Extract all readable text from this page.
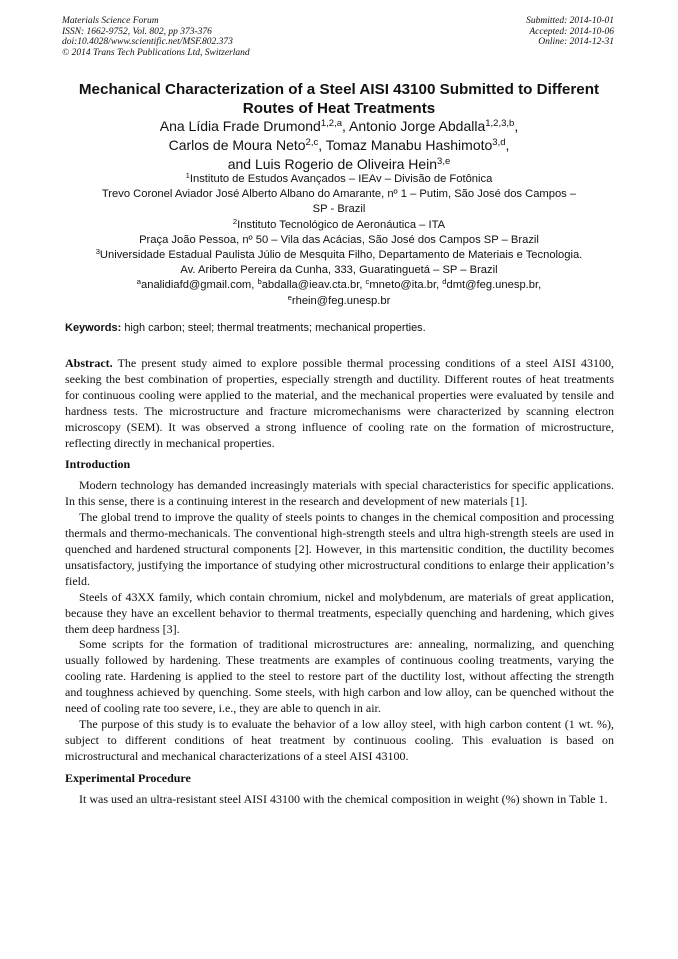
Materials Science Forum
ISSN: 1662-9752, Vol. 802, pp 373-376
doi:10.4028/www.scientific.net/MSF.802.373
© 2014 Trans Tech Publications Ltd, Switzerland
Submitted: 2014-10-01
Accepted: 2014-10-06
Online: 2014-12-31
Mechanical Characterization of a Steel AISI 43100 Submitted to Different
Routes of Heat Treatments
Ana Lídia Frade Drumond$^{1,2,a}$, Antonio Jorge Abdalla$^{1,2,3,b}$,
Carlos de Moura Neto$^{2,c}$, Tomaz Manabu Hashimoto$^{3,d}$,
and Luis Rogerio de Oliveira Hein$^{3,e}$
$^1$Instituto de Estudos Avançados – IEAv – Divisão de Fotônica
Trevo Coronel Aviador José Alberto Albano do Amarante, nº 1 – Putim, São José dos Campos –
SP - Brazil
$^2$Instituto Tecnológico de Aeronáutica – ITA
Praça João Pessoa, nº 50 – Vila das Acácias, São José dos Campos SP – Brazil
$^3$Universidade Estadual Paulista Júlio de Mesquita Filho, Departamento de Materiais e Tecnologia.
Av. Ariberto Pereira da Cunha, 333, Guaratinguetá – SP – Brazil
$^a$analidiafd@gmail.com, $^b$abdalla@ieav.cta.br, $^c$mneto@ita.br, $^d$dmt@feg.unesp.br,
$^e$rhein@feg.unesp.br
Keywords: high carbon; steel; thermal treatments; mechanical properties.

Abstract. The present study aimed to explore possible thermal processing conditions of a steel AISI 43100, seeking the best combination of properties, especially strength and ductility. Different routes of heat treatments for continuous cooling were applied to the material, and the mechanical properties were evaluated by tensile and hardness tests. The microstructure and fracture micromechanisms were characterized by scanning electron microscopy (SEM). It was observed a strong influence of cooling rate on the formation of microstructure, reflecting directly in mechanical properties.

Introduction

Modern technology has demanded increasingly materials with special characteristics for specific applications. In this sense, there is a continuing interest in the research and development of new materials [1].

The global trend to improve the quality of steels points to changes in the chemical composition and processing thermals and thermo-mechanicals. The conventional high-strength steels and ultra high-strength steels are used in quenched and hardened structural components [2]. However, in this martensitic condition, the ductility becomes unsatisfactory, justifying the importance of studying other microstructural conditions to enlarge their application’s field.

Steels of 43XX family, which contain chromium, nickel and molybdenum, are materials of great application, because they have an excellent behavior to thermal treatments, especially quenching and hardening, which gives them deep hardness [3].

Some scripts for the formation of traditional microstructures are: annealing, normalizing, and quenching usually followed by hardening. These treatments are examples of continuous cooling treatments, varying the cooling rate. Hardening is applied to the steel to restore part of the ductility lost, without affecting the strength and toughness achieved by quenching. Some steels, with high carbon and low alloy, can be quenched without the need of cooling rate too severe, i.e., they are able to quench in air.

The purpose of this study is to evaluate the behavior of a low alloy steel, with high carbon content (1 wt. %), subject to different conditions of heat treatment by continuous cooling. This evaluation is based on microstructural and mechanical characterizations of a steel AISI 43100.

Experimental Procedure

It was used an ultra-resistant steel AISI 43100 with the chemical composition in weight (%) shown in Table 1.
